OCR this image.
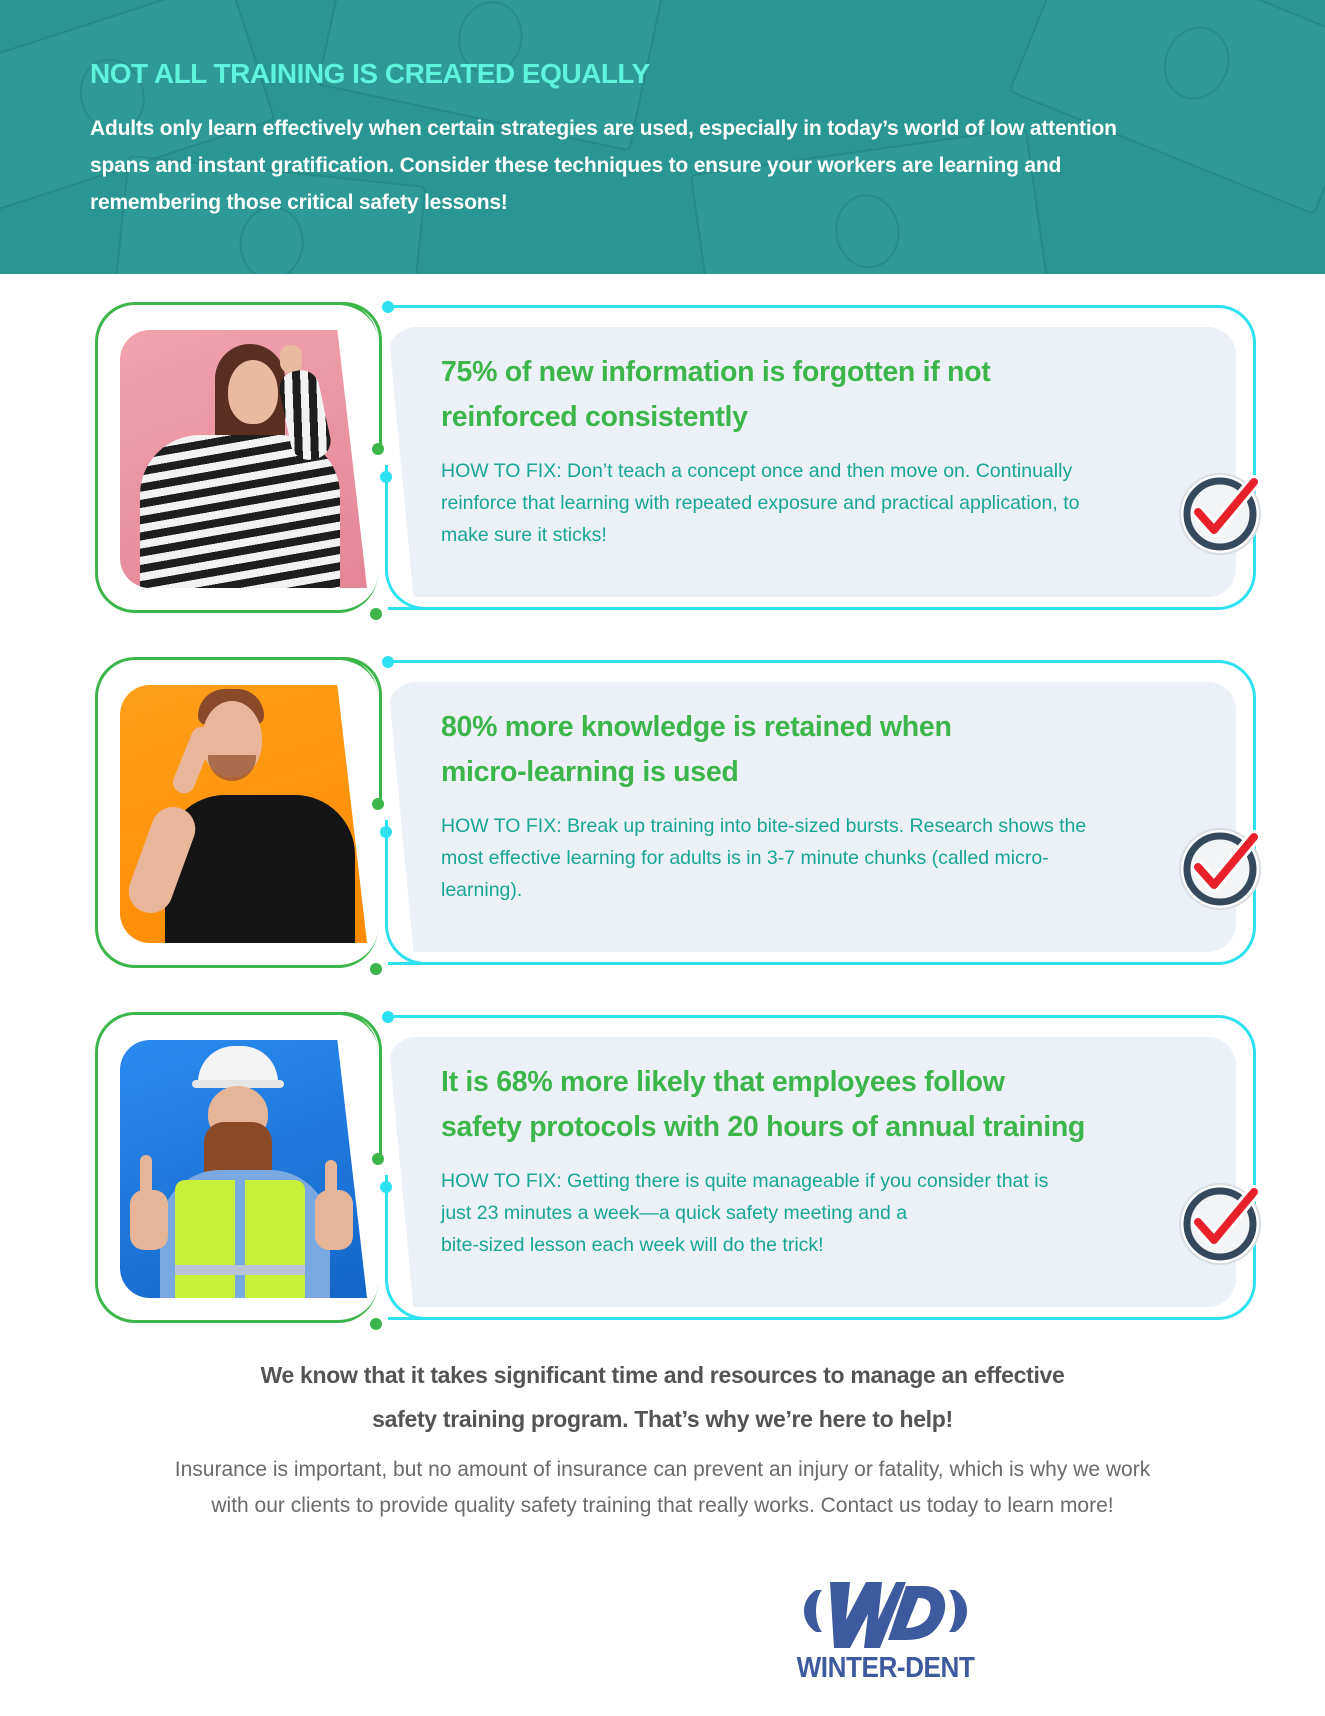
NOT ALL TRAINING IS CREATED EQUALLY
Adults only learn effectively when certain strategies are used, especially in today’s world of low attention
spans and instant gratification. Consider these techniques to ensure your workers are learning and
remembering those critical safety lessons!
75% of new information is forgotten if not
reinforced consistently
HOW TO FIX: Don’t teach a concept once and then move on. Continually
reinforce that learning with repeated exposure and practical application, to
make sure it sticks!
80% more knowledge is retained when
micro-learning is used
HOW TO FIX: Break up training into bite-sized bursts. Research shows the
most effective learning for adults is in 3-7 minute chunks (called micro-
learning).
It is 68% more likely that employees follow
safety protocols with 20 hours of annual training
HOW TO FIX: Getting there is quite manageable if you consider that is
just 23 minutes a week—a quick safety meeting and a
bite-sized lesson each week will do the trick!
We know that it takes significant time and resources to manage an effective
safety training program. That’s why we’re here to help!
Insurance is important, but no amount of insurance can prevent an injury or fatality, which is why we work
with our clients to provide quality safety training that really works. Contact us today to learn more!
WINTER-DENT
